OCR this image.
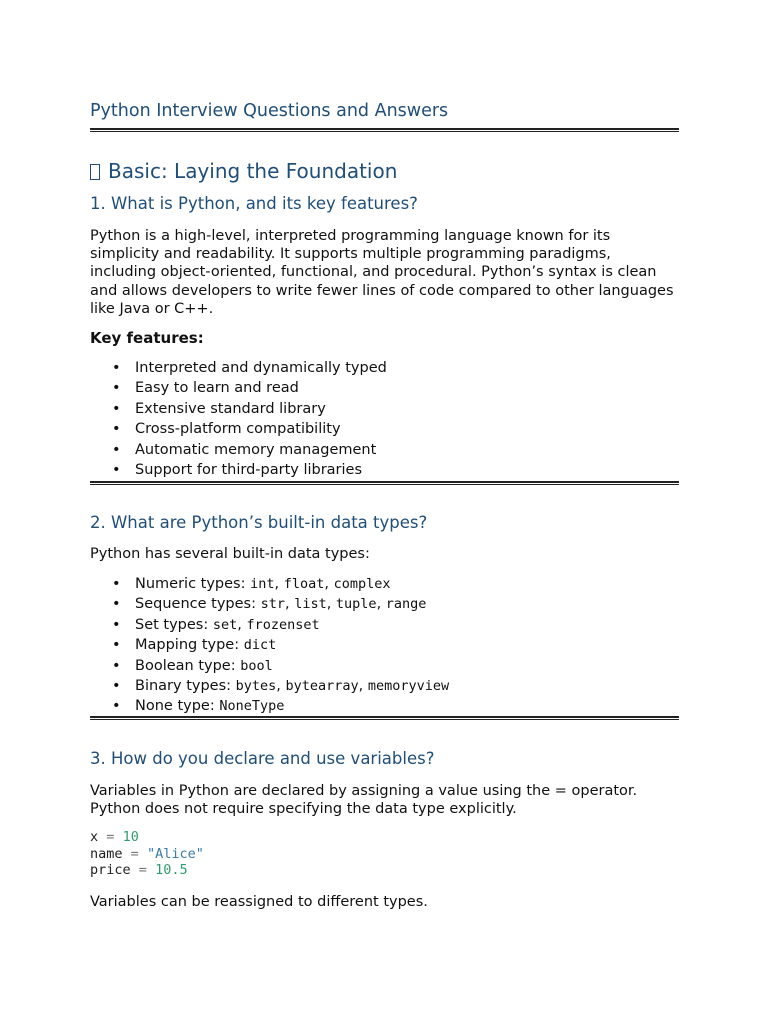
Python Interview Questions and Answers
Basic: Laying the Foundation
1. What is Python, and its key features?
Python is a high-level, interpreted programming language known for its simplicity and readability. It supports multiple programming paradigms, including object-oriented, functional, and procedural. Python’s syntax is clean and allows developers to write fewer lines of code compared to other languages like Java or C++.
Key features:
• Interpreted and dynamically typed
• Easy to learn and read
• Extensive standard library
• Cross-platform compatibility
• Automatic memory management
• Support for third-party libraries
2. What are Python’s built-in data types?
Python has several built-in data types:
• Numeric types: int, float, complex
• Sequence types: str, list, tuple, range
• Set types: set, frozenset
• Mapping type: dict
• Boolean type: bool
• Binary types: bytes, bytearray, memoryview
• None type: NoneType
3. How do you declare and use variables?
Variables in Python are declared by assigning a value using the = operator. Python does not require specifying the data type explicitly.
x = 10
name = "Alice"
price = 10.5
Variables can be reassigned to different types.
